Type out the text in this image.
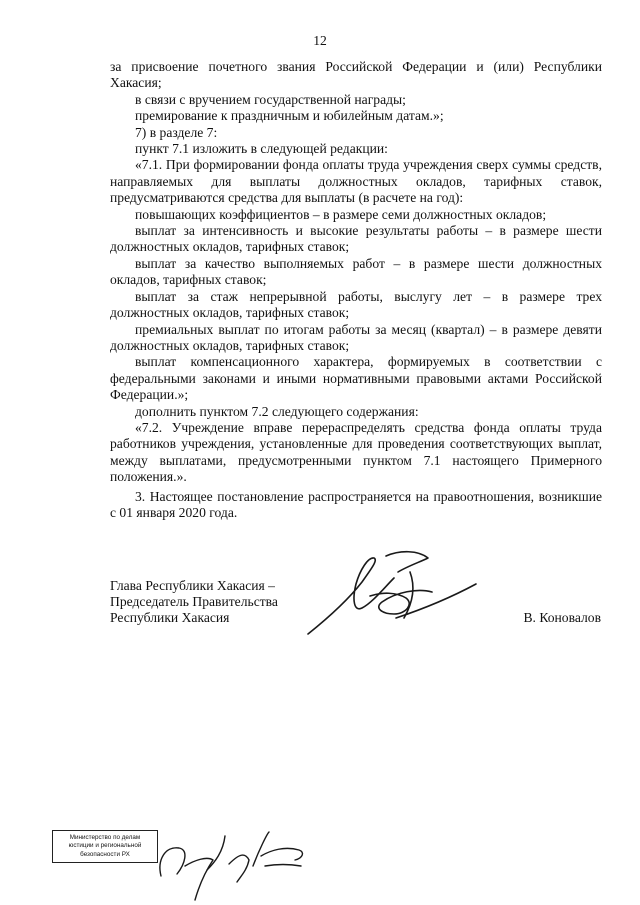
12

за присвоение почетного звания Российской Федерации и (или) Республики Хакасия;

в связи с вручением государственной награды;

премирование к праздничным и юбилейным датам.»;

7) в разделе 7:

пункт 7.1 изложить в следующей редакции:

«7.1. При формировании фонда оплаты труда учреждения сверх суммы средств, направляемых для выплаты должностных окладов, тарифных ставок, предусматриваются средства для выплаты (в расчете на год):

повышающих коэффициентов – в размере семи должностных окладов;

выплат за интенсивность и высокие результаты работы – в размере шести должностных окладов, тарифных ставок;

выплат за качество выполняемых работ – в размере шести должностных окладов, тарифных ставок;

выплат за стаж непрерывной работы, выслугу лет – в размере трех должностных окладов, тарифных ставок;

премиальных выплат по итогам работы за месяц (квартал) – в размере девяти должностных окладов, тарифных ставок;

выплат компенсационного характера, формируемых в соответствии с федеральными законами и иными нормативными правовыми актами Российской Федерации.»;

дополнить пунктом 7.2 следующего содержания:

«7.2. Учреждение вправе перераспределять средства фонда оплаты труда работников учреждения, установленные для проведения соответствующих выплат, между выплатами, предусмотренными пунктом 7.1 настоящего Примерного положения.».

3. Настоящее постановление распространяется на правоотношения, возникшие с 01 января 2020 года.

Глава Республики Хакасия –
Председатель Правительства
Республики Хакасия	В. Коновалов
Министерство по делам
юстиции и региональной
безопасности РХ
